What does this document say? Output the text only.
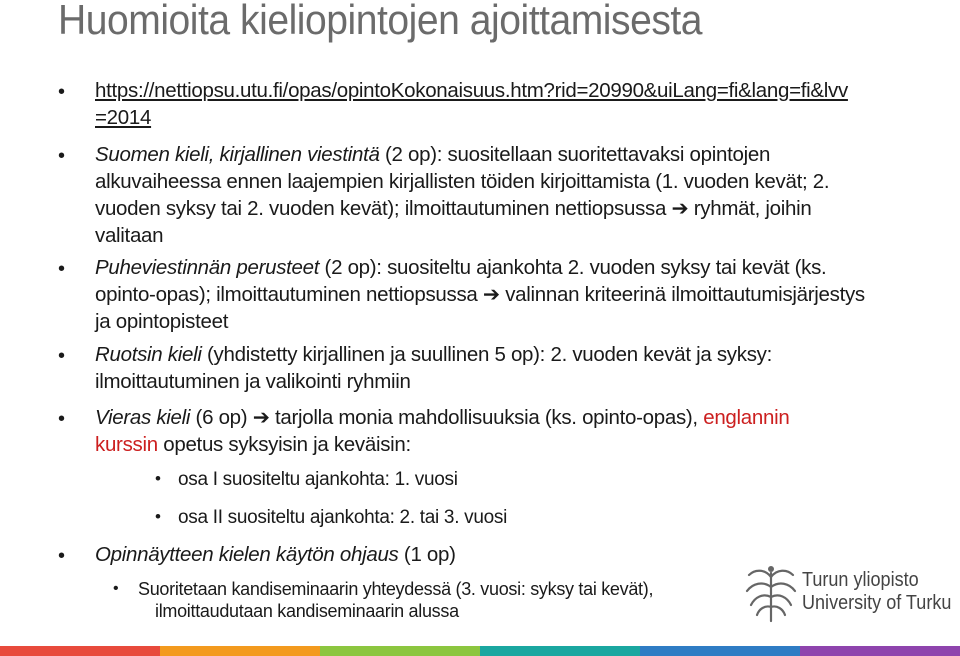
Huomioita kieliopintojen ajoittamisesta
• https://nettiopsu.utu.fi/opas/opintoKokonaisuus.htm?rid=20990&uiLang=fi&lang=fi&lvv
=2014
• Suomen kieli, kirjallinen viestintä (2 op): suositellaan suoritettavaksi opintojen alkuvaiheessa ennen laajempien kirjallisten töiden kirjoittamista (1. vuoden kevät; 2. vuoden syksy tai 2. vuoden kevät); ilmoittautuminen nettiopsussa ➔ ryhmät, joihin valitaan
• Puheviestinnän perusteet (2 op): suositeltu ajankohta 2. vuoden syksy tai kevät (ks. opinto-opas); ilmoittautuminen nettiopsussa ➔ valinnan kriteerinä ilmoittautumisjärjestys ja opintopisteet
• Ruotsin kieli (yhdistetty kirjallinen ja suullinen 5 op): 2. vuoden kevät ja syksy: ilmoittautuminen ja valikointi ryhmiin
• Vieras kieli (6 op) ➔ tarjolla monia mahdollisuuksia (ks. opinto-opas), englannin kurssin opetus syksyisin ja keväisin:
• osa I suositeltu ajankohta: 1. vuosi
• osa II suositeltu ajankohta: 2. tai 3. vuosi
• Opinnäytteen kielen käytön ohjaus (1 op)
• Suoritetaan kandiseminaarin yhteydessä (3. vuosi: syksy tai kevät),
ilmoittaudutaan kandiseminaarin alussa
Turun yliopisto
University of Turku
